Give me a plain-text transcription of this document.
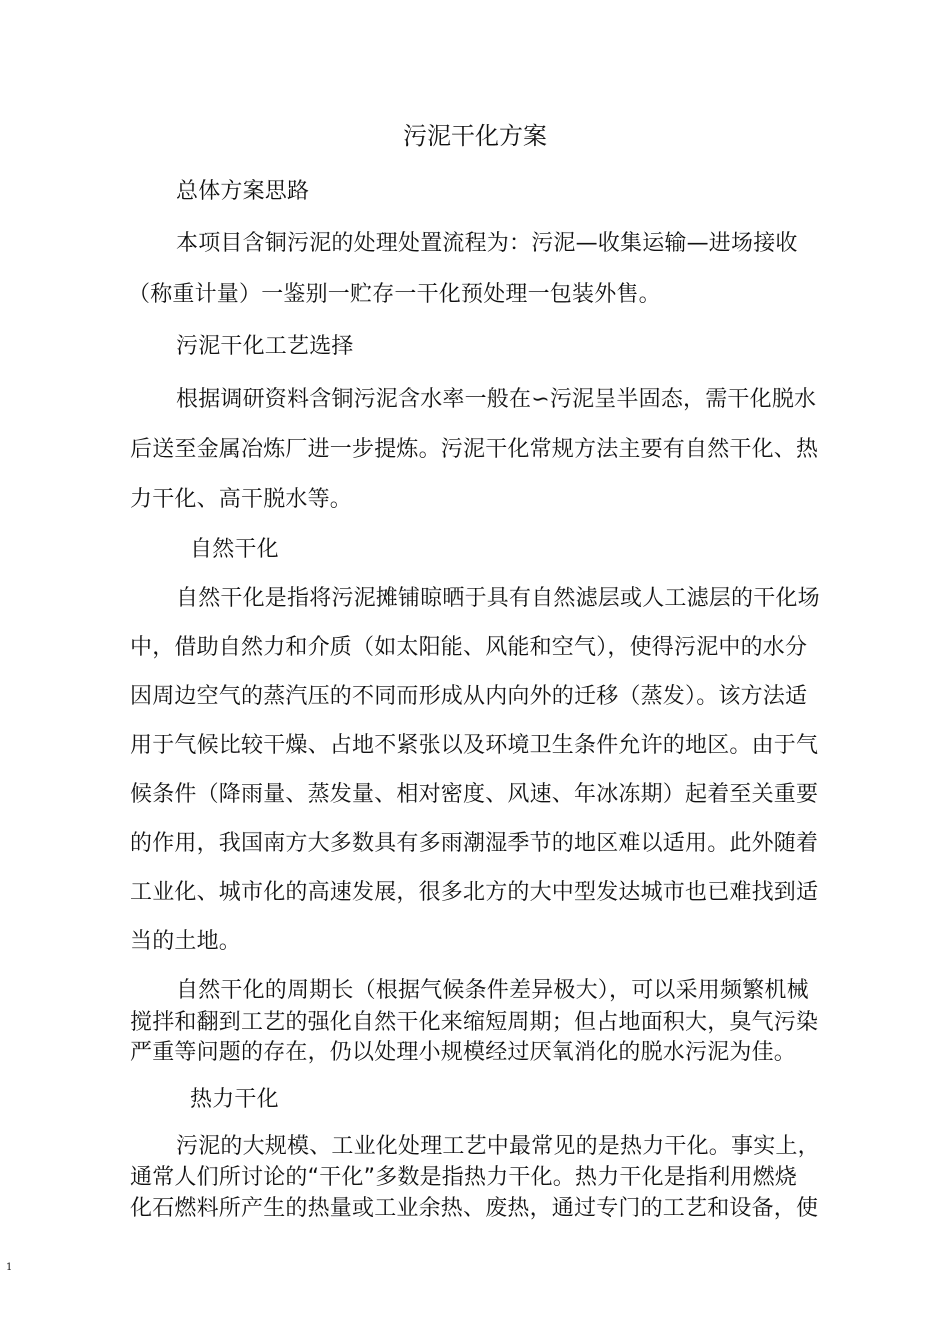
污泥干化方案
总体方案思路
本项目含铜污泥的处理处置流程为：污泥—收集运输—进场接收
（称重计量）一鉴别一贮存一干化预处理一包装外售。
污泥干化工艺选择
根据调研资料含铜污泥含水率一般在∽污泥呈半固态，需干化脱水
后送至金属冶炼厂进一步提炼。污泥干化常规方法主要有自然干化、热
力干化、高干脱水等。
自然干化
自然干化是指将污泥摊铺晾晒于具有自然滤层或人工滤层的干化场
中，借助自然力和介质（如太阳能、风能和空气），使得污泥中的水分
因周边空气的蒸汽压的不同而形成从内向外的迁移（蒸发）。该方法适
用于气候比较干燥、占地不紧张以及环境卫生条件允许的地区。由于气
候条件（降雨量、蒸发量、相对密度、风速、年冰冻期）起着至关重要
的作用，我国南方大多数具有多雨潮湿季节的地区难以适用。此外随着
工业化、城市化的高速发展，很多北方的大中型发达城市也已难找到适
当的土地。
自然干化的周期长（根据气候条件差异极大），可以采用频繁机械
搅拌和翻到工艺的强化自然干化来缩短周期；但占地面积大，臭气污染
严重等问题的存在，仍以处理小规模经过厌氧消化的脱水污泥为佳。
热力干化
污泥的大规模、工业化处理工艺中最常见的是热力干化。事实上，
通常人们所讨论的“干化”多数是指热力干化。热力干化是指利用燃烧
化石燃料所产生的热量或工业余热、废热，通过专门的工艺和设备，使
1
